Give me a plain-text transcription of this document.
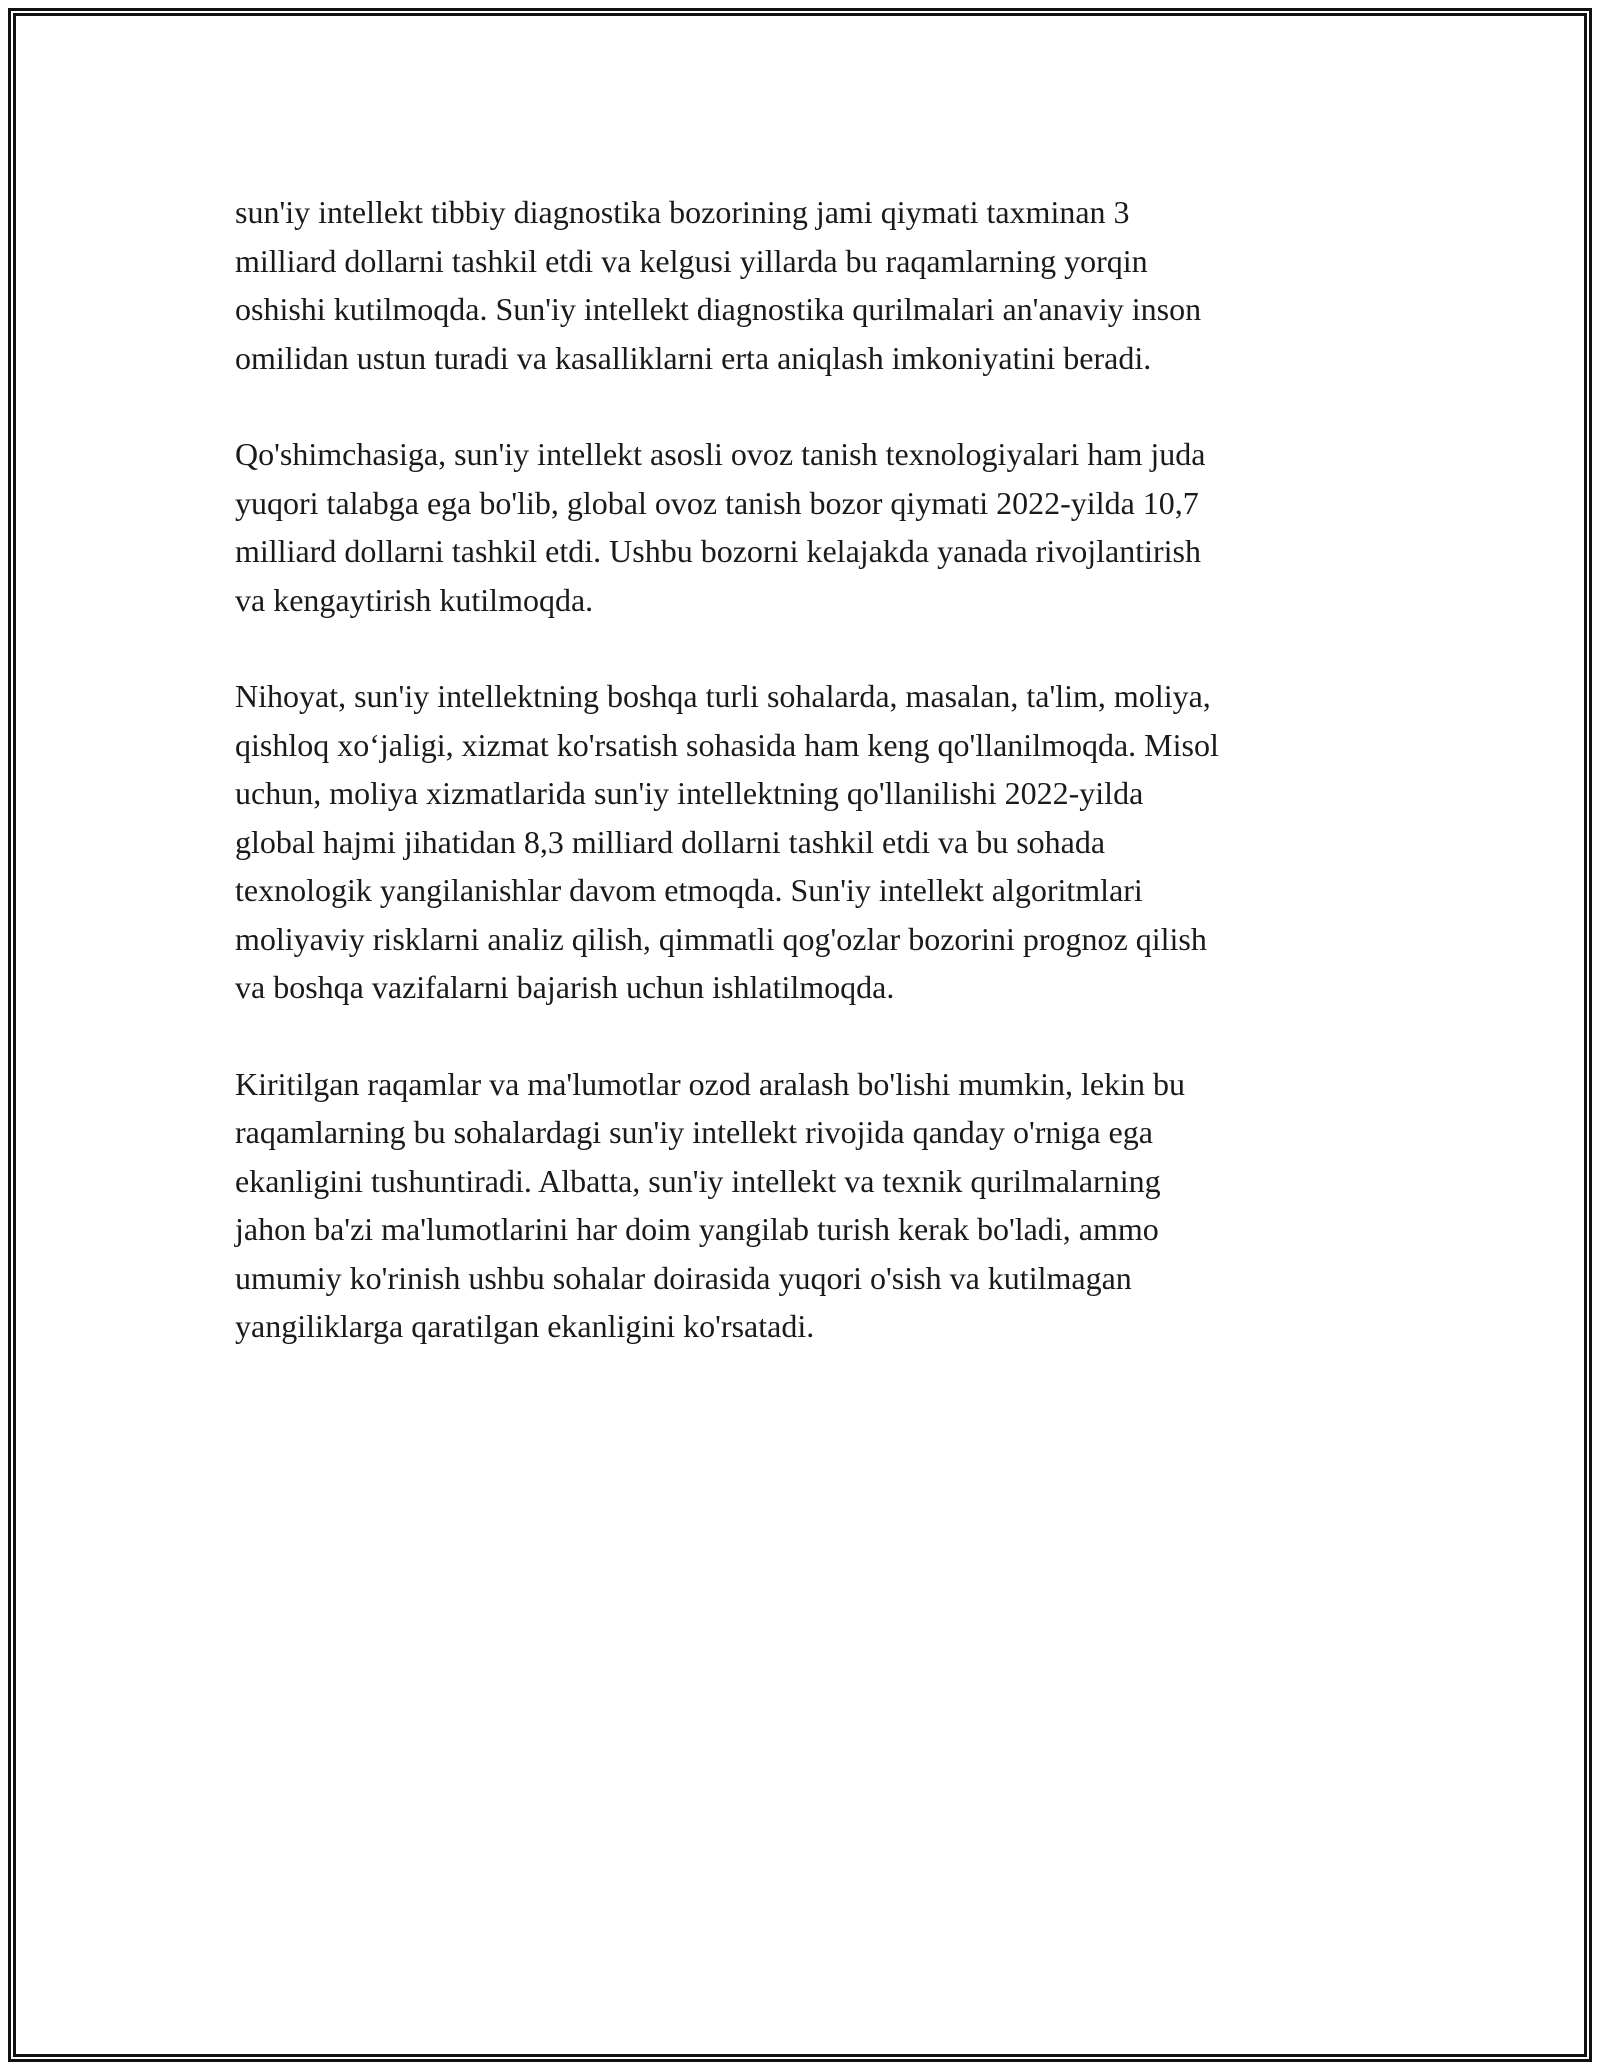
sun'iy intellekt tibbiy diagnostika bozorining jami qiymati taxminan 3
milliard dollarni tashkil etdi va kelgusi yillarda bu raqamlarning yorqin
oshishi kutilmoqda. Sun'iy intellekt diagnostika qurilmalari an'anaviy inson
omilidan ustun turadi va kasalliklarni erta aniqlash imkoniyatini beradi.

Qo'shimchasiga, sun'iy intellekt asosli ovoz tanish texnologiyalari ham juda
yuqori talabga ega bo'lib, global ovoz tanish bozor qiymati 2022-yilda 10,7
milliard dollarni tashkil etdi. Ushbu bozorni kelajakda yanada rivojlantirish
va kengaytirish kutilmoqda.

Nihoyat, sun'iy intellektning boshqa turli sohalarda, masalan, ta'lim, moliya,
qishloq xo‘jaligi, xizmat ko'rsatish sohasida ham keng qo'llanilmoqda. Misol
uchun, moliya xizmatlarida sun'iy intellektning qo'llanilishi 2022-yilda
global hajmi jihatidan 8,3 milliard dollarni tashkil etdi va bu sohada
texnologik yangilanishlar davom etmoqda. Sun'iy intellekt algoritmlari
moliyaviy risklarni analiz qilish, qimmatli qog'ozlar bozorini prognoz qilish
va boshqa vazifalarni bajarish uchun ishlatilmoqda.

Kiritilgan raqamlar va ma'lumotlar ozod aralash bo'lishi mumkin, lekin bu
raqamlarning bu sohalardagi sun'iy intellekt rivojida qanday o'rniga ega
ekanligini tushuntiradi. Albatta, sun'iy intellekt va texnik qurilmalarning
jahon ba'zi ma'lumotlarini har doim yangilab turish kerak bo'ladi, ammo
umumiy ko'rinish ushbu sohalar doirasida yuqori o'sish va kutilmagan
yangiliklarga qaratilgan ekanligini ko'rsatadi.
